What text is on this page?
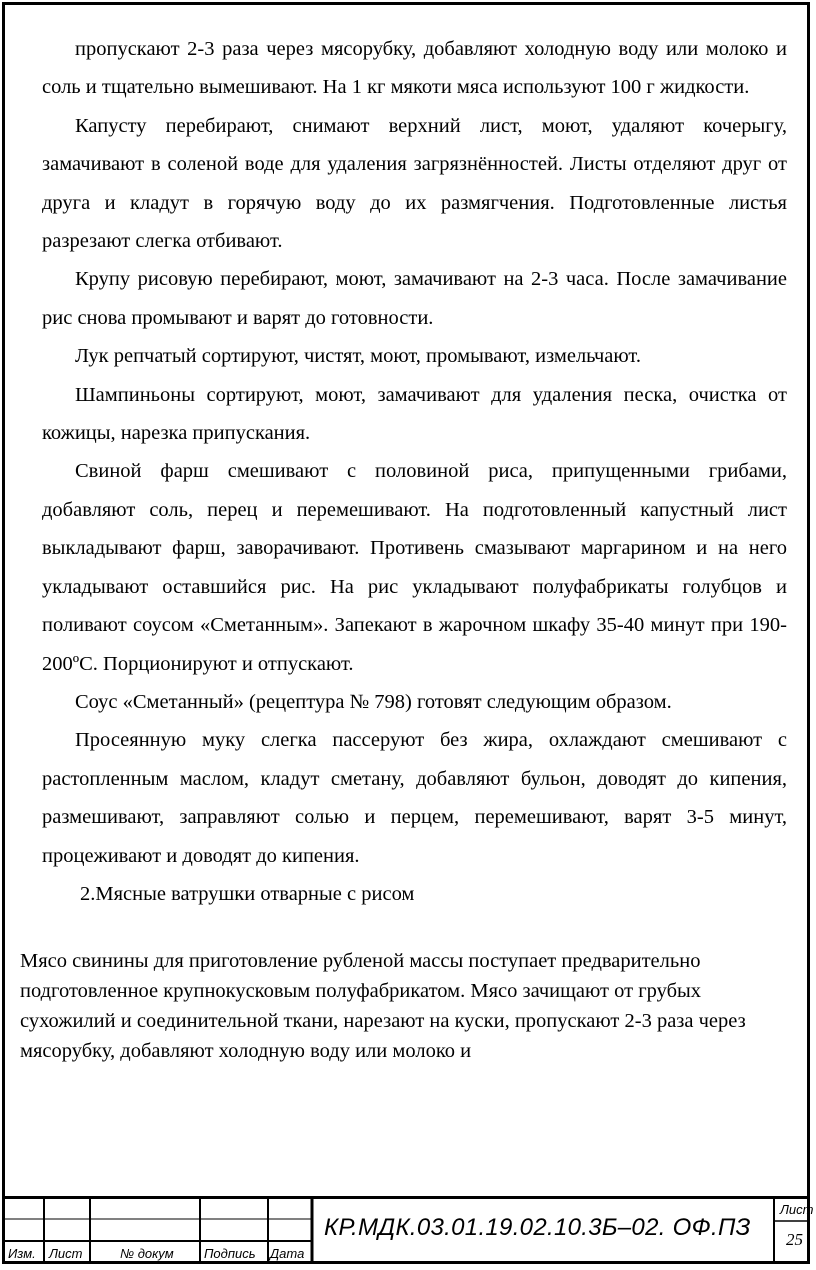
пропускают 2-3 раза через мясорубку, добавляют холодную воду или молоко и соль и тщательно вымешивают. На 1 кг мякоти мяса используют 100 г жидкости.

Капусту перебирают, снимают верхний лист, моют, удаляют кочерыгу, замачивают в соленой воде для удаления загрязнённостей. Листы отделяют друг от друга и кладут в горячую воду до их размягчения. Подготовленные листья разрезают слегка отбивают.

Крупу рисовую перебирают, моют, замачивают на 2-3 часа. После замачивание рис снова промывают и варят до готовности.

Лук репчатый сортируют, чистят, моют, промывают, измельчают.

Шампиньоны сортируют, моют, замачивают для удаления песка, очистка от кожицы, нарезка припускания.

Свиной фарш смешивают с половиной риса, припущенными грибами, добавляют соль, перец и перемешивают. На подготовленный капустный лист выкладывают фарш, заворачивают. Противень смазывают маргарином и на него укладывают оставшийся рис. На рис укладывают полуфабрикаты голубцов и поливают соусом «Сметанным». Запекают в жарочном шкафу 35-40 минут при 190-200ºС. Порционируют и отпускают.

Соус «Сметанный» (рецептура № 798) готовят следующим образом.

Просеянную муку слегка пассеруют без жира, охлаждают смешивают с растопленным маслом, кладут сметану, добавляют бульон, доводят до кипения, размешивают, заправляют солью и перцем, перемешивают, варят 3-5 минут, процеживают и доводят до кипения.

2.Мясные ватрушки отварные с рисом

Мясо свинины для приготовление рубленой массы поступает предварительно подготовленное крупнокусковым полуфабрикатом. Мясо зачищают от грубых сухожилий и соединительной ткани, нарезают на куски, пропускают 2-3 раза через мясорубку, добавляют холодную воду или молоко и

Изм. Лист	№ докум Подпись Дата
КР.МДК.03.01.19.02.10.3Б–02. ОФ.ПЗ
Лист
25
